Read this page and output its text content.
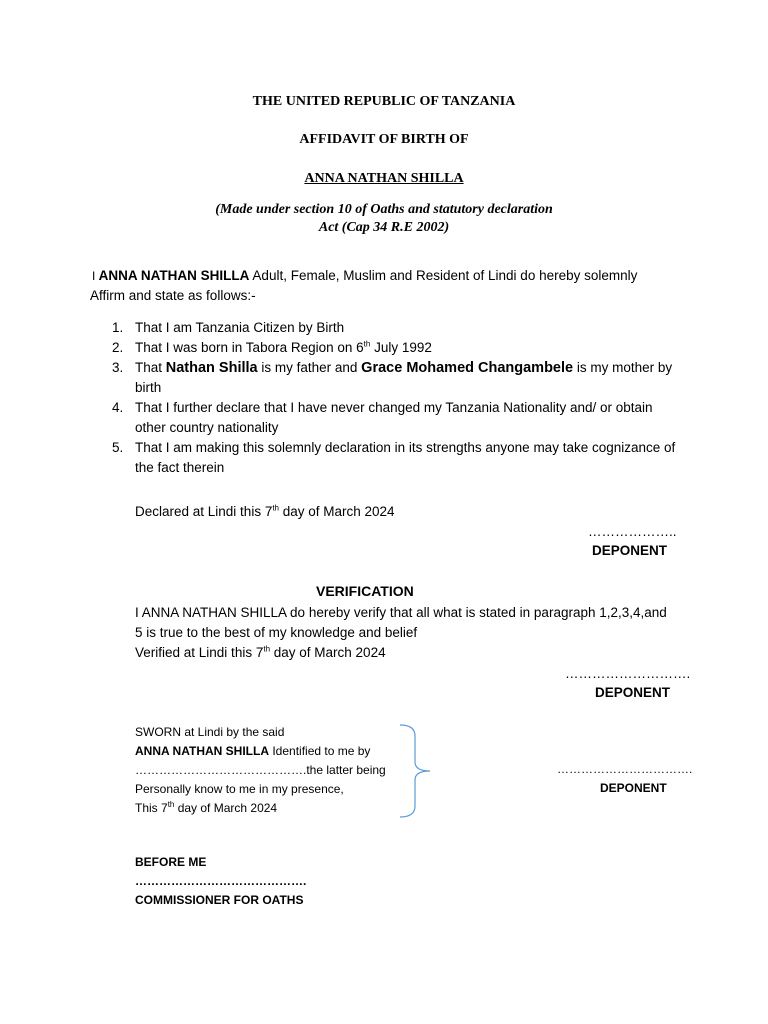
THE UNITED REPUBLIC OF TANZANIA
AFFIDAVIT OF BIRTH OF
ANNA NATHAN SHILLA
(Made under section 10 of Oaths and statutory declaration
Act (Cap 34 R.E 2002)
I ANNA NATHAN SHILLA Adult, Female, Muslim and Resident of Lindi do hereby solemnly
Affirm and state as follows:-
1. That I am Tanzania Citizen by Birth
2. That I was born in Tabora Region on 6th July 1992
3. That Nathan Shilla is my father and Grace Mohamed Changambele is my mother by birth
4. That I further declare that I have never changed my Tanzania Nationality and/ or obtain other country nationality
5. That I am making this solemnly declaration in its strengths anyone may take cognizance of the fact therein
Declared at Lindi this 7th day of March 2024
………………..
DEPONENT
VERIFICATION
I ANNA NATHAN SHILLA do hereby verify that all what is stated in paragraph 1,2,3,4,and
5 is true to the best of my knowledge and belief
Verified at Lindi this 7th day of March 2024
……………………….
DEPONENT
SWORN at Lindi by the said
ANNA NATHAN SHILLA Identified to me by
…………………………………….the latter being
Personally know to me in my presence,
This 7th day of March 2024
…………………………….
DEPONENT
BEFORE ME
…………………………………….
COMMISSIONER FOR OATHS
